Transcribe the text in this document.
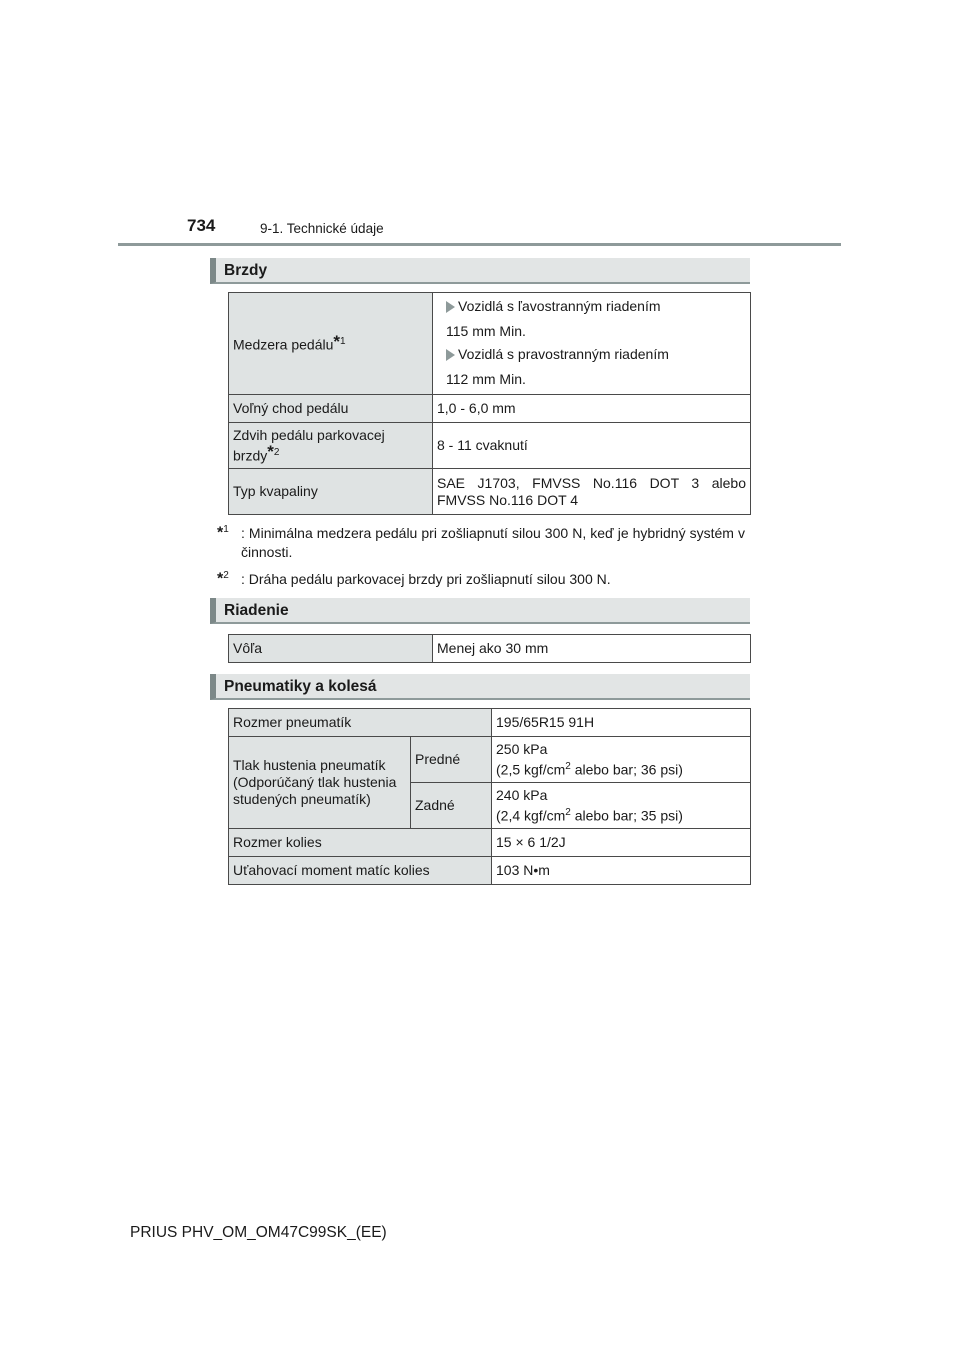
734	9-1. Technické údaje
Brzdy
Medzera pedálu*$^1$	Vozidlá s ľavostranným riadením
115 mm Min.
Vozidlá s pravostranným riadením
112 mm Min.

Voľný chod pedálu	1,0 - 6,0 mm
Zdvih pedálu parkovacej brzdy*$^2$	8 - 11 cvaknutí
Typ kvapaliny	SAE J1703, FMVSS No.116 DOT 3 alebo FMVSS No.116 DOT 4
*$^1$ : Minimálna medzera pedálu pri zošliapnutí silou 300 N, keď je hybridný systém v činnosti.
*$^2$ : Dráha pedálu parkovacej brzdy pri zošliapnutí silou 300 N.
Riadenie
Vôľa	Menej ako 30 mm
Pneumatiky a kolesá
Rozmer pneumatík		195/65R15 91H
Tlak hustenia pneumatík (Odporúčaný tlak hustenia studených pneumatík)	Predné	250 kPa
(2,5 kgf/$cm^2$ alebo bar; 36 psi)

	Zadné	240 kPa
(2,4 kgf/$cm^2$ alebo bar; 35 psi)

Rozmer kolies		15 × 6 1/2J
Uťahovací moment matíc kolies		103 N•m
PRIUS PHV_OM_OM47C99SK_(EE)
